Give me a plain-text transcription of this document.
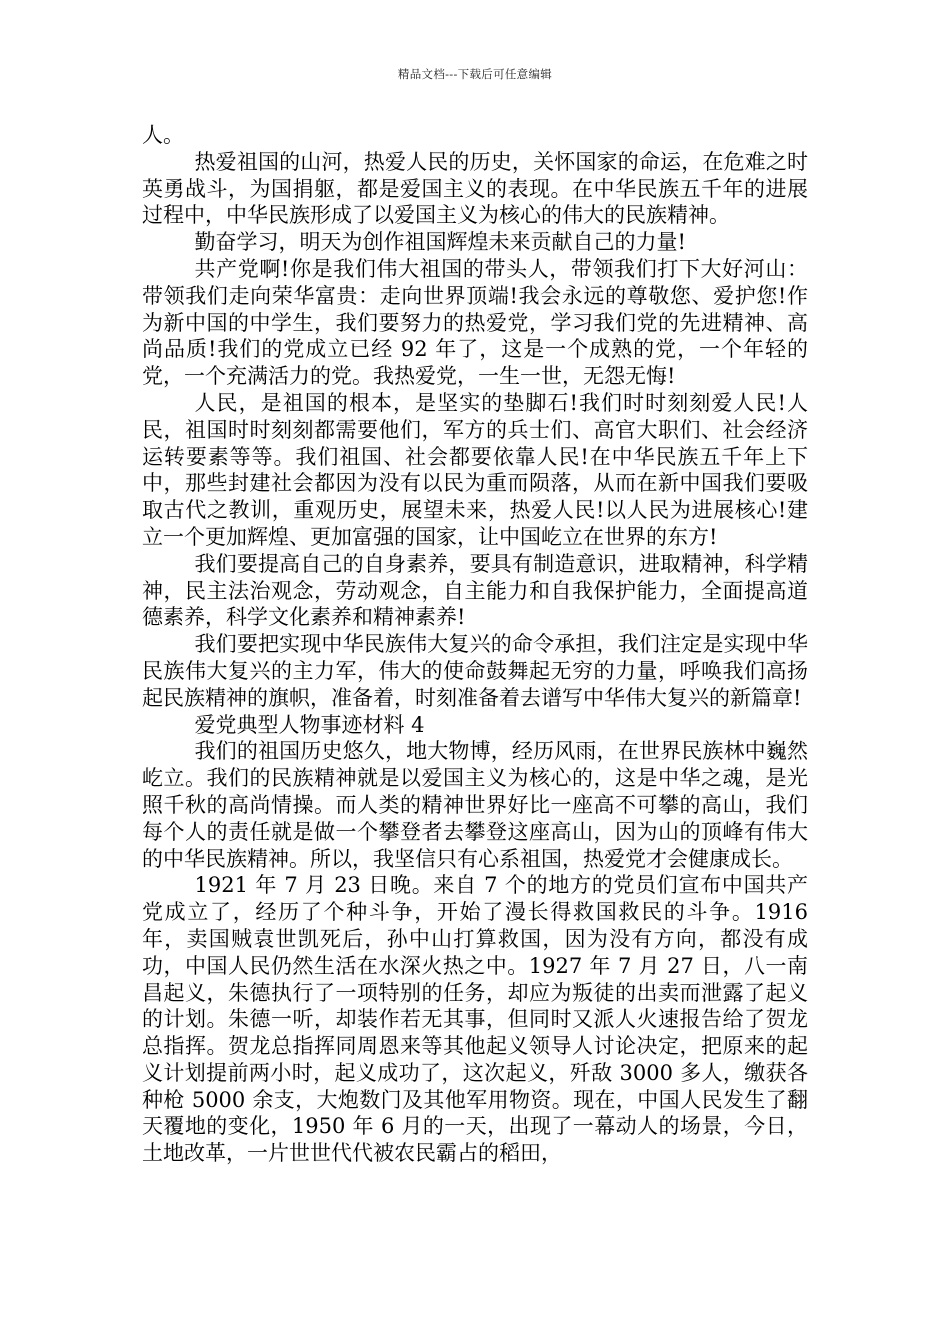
精品文档---下载后可任意编辑

人。

热爱祖国的山河，热爱人民的历史，关怀国家的命运，在危难之时英勇战斗，为国捐躯，都是爱国主义的表现。在中华民族五千年的进展过程中，中华民族形成了以爱国主义为核心的伟大的民族精神。

勤奋学习，明天为创作祖国辉煌未来贡献自己的力量!

共产党啊!你是我们伟大祖国的带头人，带领我们打下大好河山：带领我们走向荣华富贵：走向世界顶端!我会永远的尊敬您、爱护您!作为新中国的中学生，我们要努力的热爱党，学习我们党的先进精神、高尚品质!我们的党成立已经 92 年了，这是一个成熟的党，一个年轻的党，一个充满活力的党。我热爱党，一生一世，无怨无悔!

人民，是祖国的根本，是坚实的垫脚石!我们时时刻刻爱人民!人民，祖国时时刻刻都需要他们，军方的兵士们、高官大职们、社会经济运转要素等等。我们祖国、社会都要依靠人民!在中华民族五千年上下中，那些封建社会都因为没有以民为重而陨落，从而在新中国我们要吸取古代之教训，重观历史，展望未来，热爱人民!以人民为进展核心!建立一个更加辉煌、更加富强的国家，让中国屹立在世界的东方!

我们要提高自己的自身素养，要具有制造意识，进取精神，科学精神，民主法治观念，劳动观念，自主能力和自我保护能力，全面提高道德素养，科学文化素养和精神素养!

我们要把实现中华民族伟大复兴的命令承担，我们注定是实现中华民族伟大复兴的主力军，伟大的使命鼓舞起无穷的力量，呼唤我们高扬起民族精神的旗帜，准备着，时刻准备着去谱写中华伟大复兴的新篇章!

爱党典型人物事迹材料 4

我们的祖国历史悠久，地大物博，经历风雨，在世界民族林中巍然屹立。我们的民族精神就是以爱国主义为核心的，这是中华之魂，是光照千秋的高尚情操。而人类的精神世界好比一座高不可攀的高山，我们每个人的责任就是做一个攀登者去攀登这座高山，因为山的顶峰有伟大的中华民族精神。所以，我坚信只有心系祖国，热爱党才会健康成长。

1921 年 7 月 23 日晚。来自 7 个的地方的党员们宣布中国共产党成立了，经历了个种斗争，开始了漫长得救国救民的斗争。1916 年，卖国贼袁世凯死后，孙中山打算救国，因为没有方向，都没有成功，中国人民仍然生活在水深火热之中。1927 年 7 月 27 日，八一南昌起义，朱德执行了一项特别的任务，却应为叛徒的出卖而泄露了起义的计划。朱德一听，却装作若无其事，但同时又派人火速报告给了贺龙总指挥。贺龙总指挥同周恩来等其他起义领导人讨论决定，把原来的起义计划提前两小时，起义成功了，这次起义，歼敌 3000 多人，缴获各种枪 5000 余支，大炮数门及其他军用物资。现在，中国人民发生了翻天覆地的变化，1950 年 6 月的一天，出现了一幕动人的场景，今日，土地改革，一片世世代代被农民霸占的稻田，
